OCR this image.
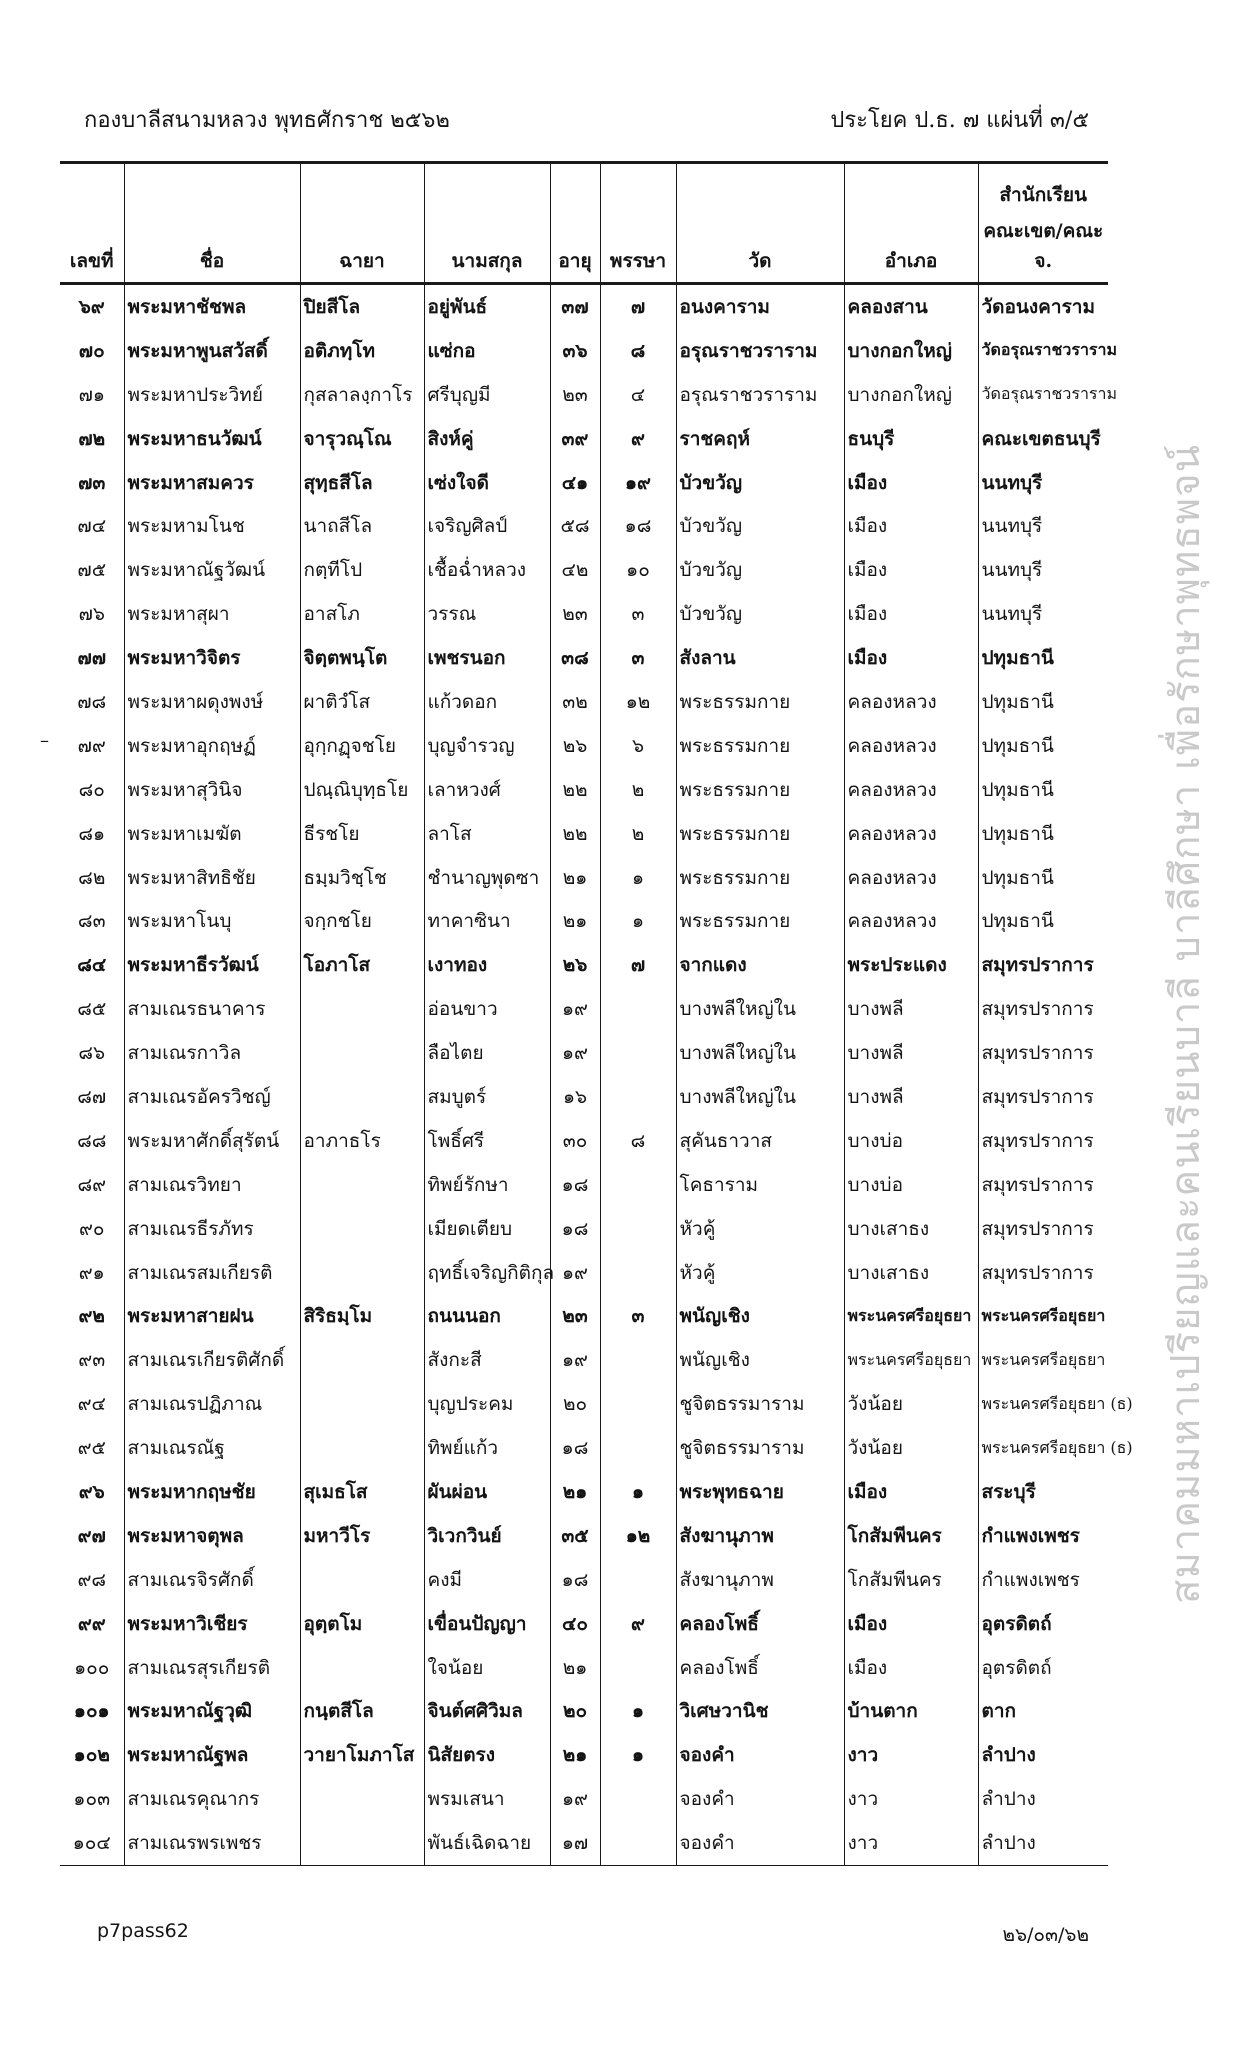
กองบาลีสนามหลวง พุทธศักราช ๒๕๖๒	ประโยค ป.ธ. ๗ แผ่นที่ ๓/๕
–
								สำนักเรียน
เลขที่	ชื่อ	ฉายา	นามสกุล	อายุ	พรรษา	วัด	อำเภอ	คณะเขต/คณะ จ.
๖๙	พระมหาชัชพล	ปิยสีโล	อยู่พันธ์	๓๗	๗	อนงคาราม	คลองสาน	วัดอนงคาราม
๗๐	พระมหาพูนสวัสดิ์	อติภทฺโท	แซ่กอ	๓๖	๘	อรุณราชวราราม	บางกอกใหญ่	วัดอรุณราชวราราม
๗๑	พระมหาประวิทย์	กุสลาลงฺกาโร	ศรีบุญมี	๒๓	๔	อรุณราชวราราม	บางกอกใหญ่	วัดอรุณราชวราราม
๗๒	พระมหาธนวัฒน์	จารุวณฺโณ	สิงห์คู่	๓๙	๙	ราชคฤห์	ธนบุรี	คณะเขตธนบุรี
๗๓	พระมหาสมควร	สุทฺธสีโล	เซ่งใจดี	๔๑	๑๙	บัวขวัญ	เมือง	นนทบุรี
๗๔	พระมหามโนช	นาถสีโล	เจริญศิลป์	๕๘	๑๘	บัวขวัญ	เมือง	นนทบุรี
๗๕	พระมหาณัฐวัฒน์	กตฺทีโป	เชื้อฉ่ำหลวง	๔๒	๑๐	บัวขวัญ	เมือง	นนทบุรี
๗๖	พระมหาสุผา	อาสโภ	วรรณ	๒๓	๓	บัวขวัญ	เมือง	นนทบุรี
๗๗	พระมหาวิจิตร	จิตฺตพนฺโต	เพชรนอก	๓๘	๓	สังลาน	เมือง	ปทุมธานี
๗๘	พระมหาผดุงพงษ์	ผาติวํโส	แก้วดอก	๓๒	๑๒	พระธรรมกาย	คลองหลวง	ปทุมธานี
๗๙	พระมหาอุกฤษฏ์	อุกฺกฏฺจชโย	บุญจำรวญ	๒๖	๖	พระธรรมกาย	คลองหลวง	ปทุมธานี
๘๐	พระมหาสุวินิจ	ปณฺณิบุทฺธโย	เลาหวงศ์	๒๒	๒	พระธรรมกาย	คลองหลวง	ปทุมธานี
๘๑	พระมหาเมฆัต	ธีรชโย	ลาโส	๒๒	๒	พระธรรมกาย	คลองหลวง	ปทุมธานี
๘๒	พระมหาสิทธิชัย	ธมฺมวิชฺโช	ชำนาญพุดซา	๒๑	๑	พระธรรมกาย	คลองหลวง	ปทุมธานี
๘๓	พระมหาโนบุ	จกฺกชโย	ทาคาซินา	๒๑	๑	พระธรรมกาย	คลองหลวง	ปทุมธานี
๘๔	พระมหาธีรวัฒน์	โอภาโส	เงาทอง	๒๖	๗	จากแดง	พระประแดง	สมุทรปราการ
๘๕	สามเณรธนาคาร		อ่อนขาว	๑๙		บางพลีใหญ่ใน	บางพลี	สมุทรปราการ
๘๖	สามเณรกาวิล		ลือไตย	๑๙		บางพลีใหญ่ใน	บางพลี	สมุทรปราการ
๘๗	สามเณรอัครวิชญ์		สมบูตร์	๑๖		บางพลีใหญ่ใน	บางพลี	สมุทรปราการ
๘๘	พระมหาศักดิ์สุรัตน์	อาภาธโร	โพธิ์ศรี	๓๐	๘	สุคันธาวาส	บางบ่อ	สมุทรปราการ
๘๙	สามเณรวิทยา		ทิพย์รักษา	๑๘		โคธาราม	บางบ่อ	สมุทรปราการ
๙๐	สามเณรธีรภัทร		เมียดเตียบ	๑๘		หัวคู้	บางเสาธง	สมุทรปราการ
๙๑	สามเณรสมเกียรติ		ฤทธิ์เจริญกิติกุล	๑๙		หัวคู้	บางเสาธง	สมุทรปราการ
๙๒	พระมหาสายฝน	สิริธมฺโม	ถนนนอก	๒๓	๓	พนัญเชิง	พระนครศรีอยุธยา	พระนครศรีอยุธยา
๙๓	สามเณรเกียรติศักดิ์		สังกะสี	๑๙		พนัญเชิง	พระนครศรีอยุธยา	พระนครศรีอยุธยา
๙๔	สามเณรปฏิภาณ		บุญประคม	๒๐		ชูจิตธรรมาราม	วังน้อย	พระนครศรีอยุธยา (ธ)
๙๕	สามเณรณัฐ		ทิพย์แก้ว	๑๘		ชูจิตธรรมาราม	วังน้อย	พระนครศรีอยุธยา (ธ)
๙๖	พระมหากฤษชัย	สุเมธโส	ผันผ่อน	๒๑	๑	พระพุทธฉาย	เมือง	สระบุรี
๙๗	พระมหาจตุพล	มหาวีโร	วิเวกวินย์	๓๕	๑๒	สังฆานุภาพ	โกสัมพีนคร	กำแพงเพชร
๙๘	สามเณรจิรศักดิ์		คงมี	๑๘		สังฆานุภาพ	โกสัมพีนคร	กำแพงเพชร
๙๙	พระมหาวิเชียร	อุตฺตโม	เขื่อนปัญญา	๔๐	๙	คลองโพธิ์	เมือง	อุตรดิตถ์
๑๐๐	สามเณรสุรเกียรติ		ใจน้อย	๒๑		คลองโพธิ์	เมือง	อุตรดิตถ์
๑๐๑	พระมหาณัฐวุฒิ	กนฺตสีโล	จินต์ศศิวิมล	๒๐	๑	วิเศษวานิช	บ้านตาก	ตาก
๑๐๒	พระมหาณัฐพล	วายาโมภาโส	นิสัยตรง	๒๑	๑	จองคำ	งาว	ลำปาง
๑๐๓	สามเณรคุณากร		พรมเสนา	๑๙		จองคำ	งาว	ลำปาง
๑๐๔	สามเณรพรเพชร		พันธ์เฉิดฉาย	๑๗		จองคำ	งาว	ลำปาง
p7pass62	๒๖/๐๓/๖๒
สมาคมมหาเปรียญและคนเรียนบาลี บาลีศึกษา เพื่อรักษาพุทธพจน์
